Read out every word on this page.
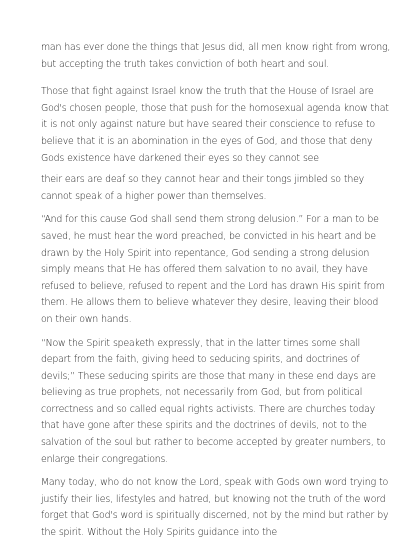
man has ever done the things that Jesus did, all men know right from wrong, but accepting the truth takes conviction of both heart and soul.

Those that fight against Israel know the truth that the House of Israel are God's chosen people, those that push for the homosexual agenda know that it is not only against nature but have seared their conscience to refuse to believe that it is an abomination in the eyes of God, and those that deny Gods existence have darkened their eyes so they cannot see

their ears are deaf so they cannot hear and their tongs jimbled so they cannot speak of a higher power than themselves.

“And for this cause God shall send them strong delusion.” For a man to be saved, he must hear the word preached, be convicted in his heart and be drawn by the Holy Spirit into repentance, God sending a strong delusion simply means that He has offered them salvation to no avail, they have refused to believe, refused to repent and the Lord has drawn His spirit from them. He allows them to believe whatever they desire, leaving their blood on their own hands.

“Now the Spirit speaketh expressly, that in the latter times some shall depart from the faith, giving heed to seducing spirits, and doctrines of devils;” These seducing spirits are those that many in these end days are believing as true prophets, not necessarily from God, but from political correctness and so called equal rights activists. There are churches today that have gone after these spirits and the doctrines of devils, not to the salvation of the soul but rather to become accepted by greater numbers, to enlarge their congregations.

Many today, who do not know the Lord, speak with Gods own word trying to justify their lies, lifestyles and hatred, but knowing not the truth of the word forget that God's word is spiritually discerned, not by the mind but rather by the spirit. Without the Holy Spirits guidance into the
